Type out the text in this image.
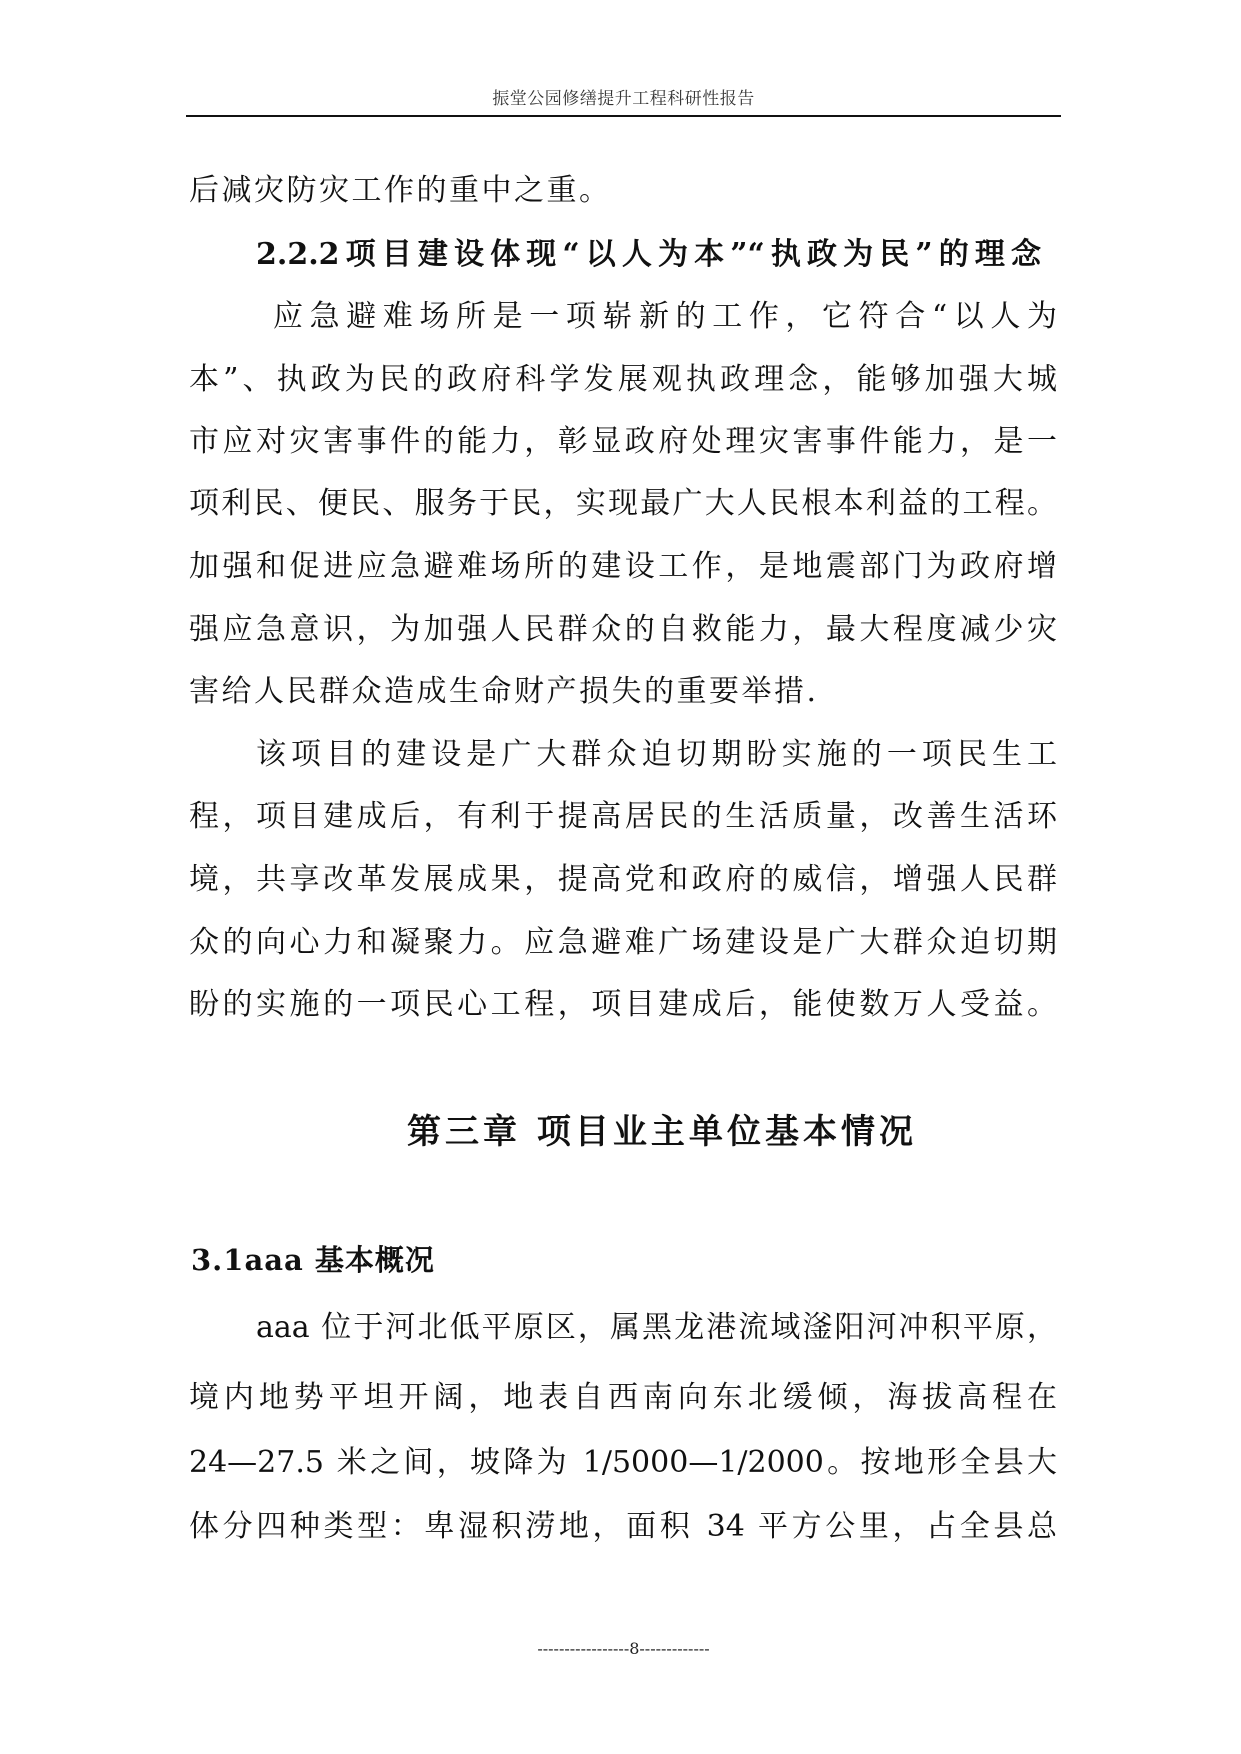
振堂公园修缮提升工程科研性报告
后减灾防灾工作的重中之重。
2.2.2项目建设体现“以人为本”“执政为民”的理念
应急避难场所是一项崭新的工作，它符合“以人为
本”、执政为民的政府科学发展观执政理念，能够加强大城
市应对灾害事件的能力，彰显政府处理灾害事件能力，是一
项利民、便民、服务于民，实现最广大人民根本利益的工程。
加强和促进应急避难场所的建设工作，是地震部门为政府增
强应急意识，为加强人民群众的自救能力，最大程度减少灾
害给人民群众造成生命财产损失的重要举措.
该项目的建设是广大群众迫切期盼实施的一项民生工
程，项目建成后，有利于提高居民的生活质量，改善生活环
境，共享改革发展成果，提高党和政府的威信，增强人民群
众的向心力和凝聚力。应急避难广场建设是广大群众迫切期
盼的实施的一项民心工程，项目建成后，能使数万人受益。
第三章 项目业主单位基本情况
3.1aaa 基本概况
aaa 位于河北低平原区，属黑龙港流域滏阳河冲积平原，
境内地势平坦开阔，地表自西南向东北缓倾，海拔高程在
24—27.5 米之间，坡降为 1/5000—1/2000。按地形全县大
体分四种类型：卑湿积涝地，面积 34 平方公里，占全县总
-----------------8-------------
